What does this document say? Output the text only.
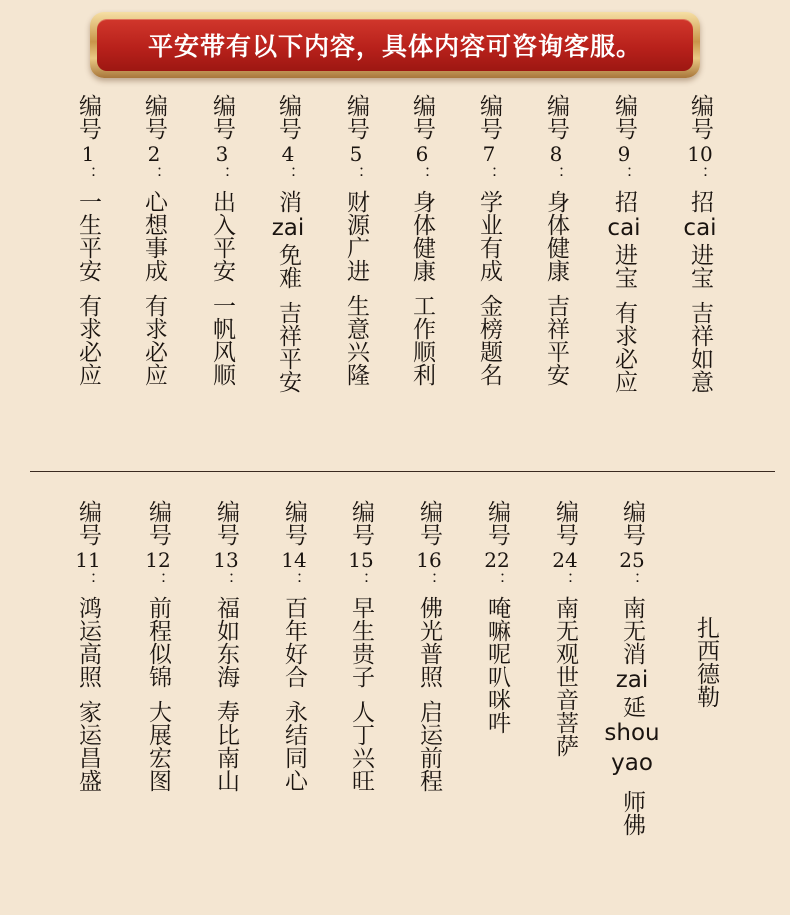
平安带有以下内容，具体内容可咨询客服。
编号
1
：
一
生
平
安
有
求
必
应
编号
2
：
心
想
事
成
有
求
必
应
编号
3
：
出
入
平
安
一
帆
风
顺
编号
4
：
消
zai
免
难
吉
祥
平
安
编号
5
：
财
源
广
进
生
意
兴
隆
编号
6
：
身
体
健
康
工
作
顺
利
编号
7
：
学
业
有
成
金
榜
题
名
编号
8
：
身
体
健
康
吉
祥
平
安
编号
9
：
招
cai
进
宝
有
求
必
应
编号
10
：
招
cai
进
宝
吉
祥
如
意
编号
11
：
鸿
运
高
照
家
运
昌
盛
编号
12
：
前
程
似
锦
大
展
宏
图
编号
13
：
福
如
东
海
寿
比
南
山
编号
14
：
百
年
好
合
永
结
同
心
编号
15
：
早
生
贵
子
人
丁
兴
旺
编号
16
：
佛
光
普
照
启
运
前
程
编号
22
：
唵
嘛
呢
叭
咪
吽
编号
24
：
南
无
观
世
音
菩
萨
编号
25
：
南
无
消
zai
延
shou
yao
师
佛
扎
西
德
勒
